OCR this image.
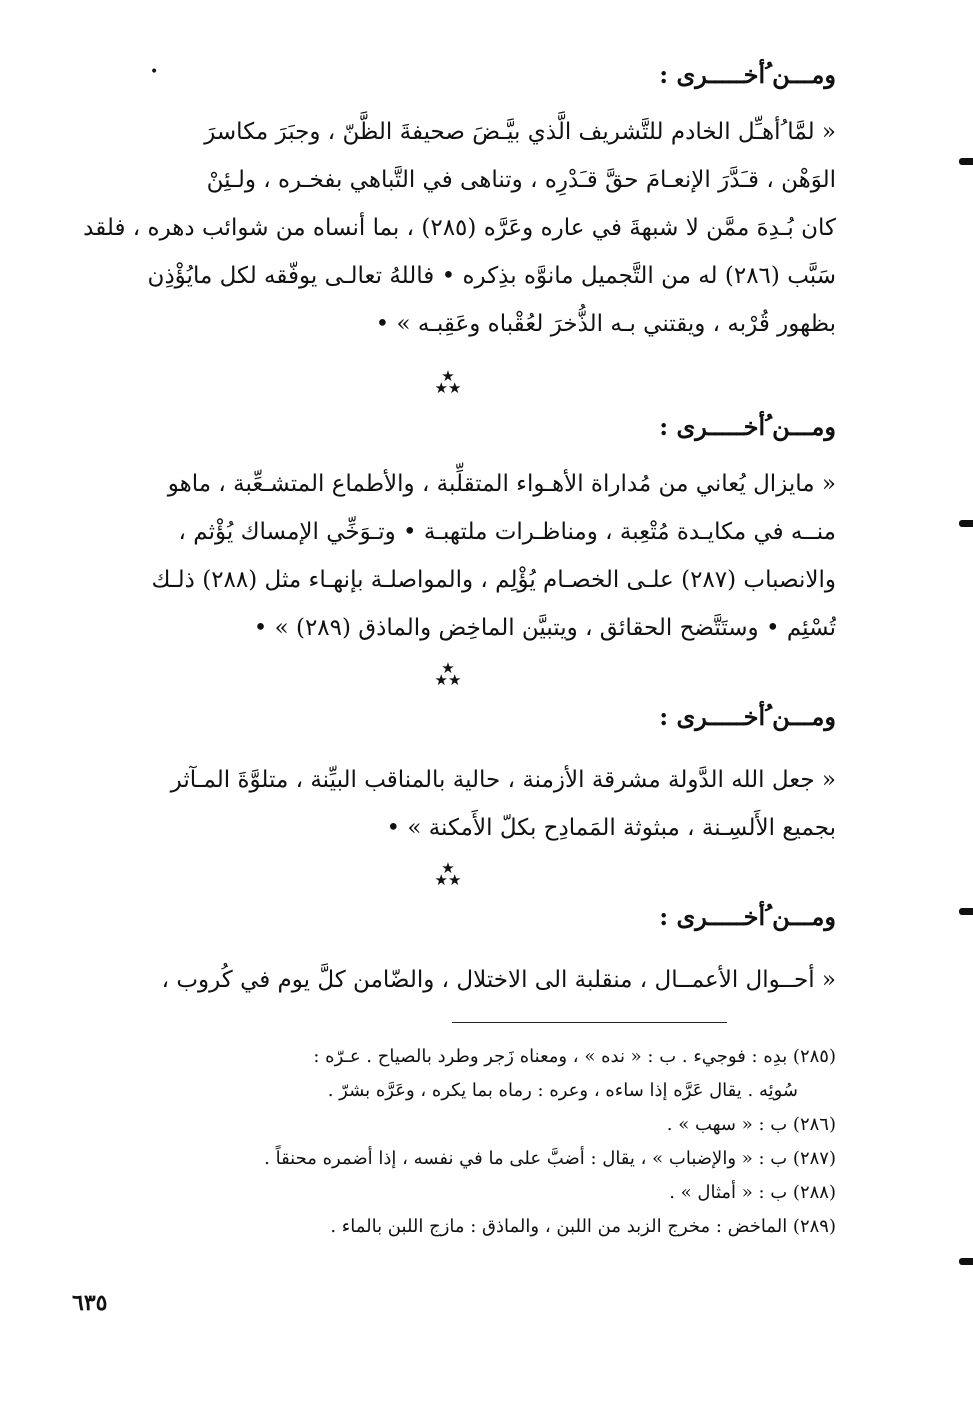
•	ومـــن ُأخـــــرى :
« لمَّا ُأهـِّل الخادم للتَّشريف الَّذي بيَّـضَ صحيفةَ الظَّنّ ، وجبَرَ مكاسرَ
الوَهْن ، قـَدَّرَ الإنعـامَ حقَّ قـَدْرِه ، وتناهى في التَّباهي بفخـره ، ولـئِنْ
كان بُـدِهَ ممَّن لا شبهةَ في عاره وعَرَّه (٢٨٥) ، بما أنساه من شوائب دهره ، فلقد
سَبَّب (٢٨٦) له من التَّجميل مانوَّه بذِكره • فاللهُ تعالـى يوفّقه لكل مايُؤْذِن
بظهور قُرْبه ، ويقتني بـه الذُّخرَ لعُقْباه وعَقِبـه » •
★
★★
ومـــن ُأخـــــرى :
« مايزال يُعاني من مُداراة الأهـواء المتقلِّبة ، والأطماع المتشـعِّبة ، ماهو
منــه في مكايـدة مُتْعِبة ، ومناظـرات ملتهبـة • وتـوَخِّي الإمساك يُؤْثم ،
والانصباب (٢٨٧) علـى الخصـام يُؤْلِم ، والمواصلـة بإنهـاء مثل (٢٨٨) ذلـك
تُسْئِم • وستَتَّضح الحقائق ، ويتبيَّن الماخِض والماذق (٢٨٩) » •
★
★★
ومـــن ُأخـــــرى :
« جعل الله الدَّولة مشرقة الأزمنة ، حالية بالمناقب البيِّنة ، متلوَّةَ المـآثر
بجميع الأَلسِـنة ، مبثوثة المَمادِح بكلّ الأَمكنة » •
★
★★
ومـــن ُأخـــــرى :
« أحــوال الأعمــال ، منقلبة الى الاختلال ، والضّامن كلَّ يوم في كُروب ،
(٢٨٥) بدِه : فوجيء . ب : « نده » ، ومعناه زَجر وطرد بالصياح . عـرّه :
سُوئِه . يقال عَرَّه إذا ساءه ، وعره : رماه بما يكره ، وعَرَّه بشرّ .
(٢٨٦) ب : « سهب » .
(٢٨٧) ب : « والإضباب » ، يقال : أضبَّ على ما في نفسه ، إذا أضمره محنقاً .
(٢٨٨) ب : « أمثال » .
(٢٨٩) الماخض : مخرج الزبد من اللبن ، والماذق : مازج اللبن بالماء .
٦٣٥
